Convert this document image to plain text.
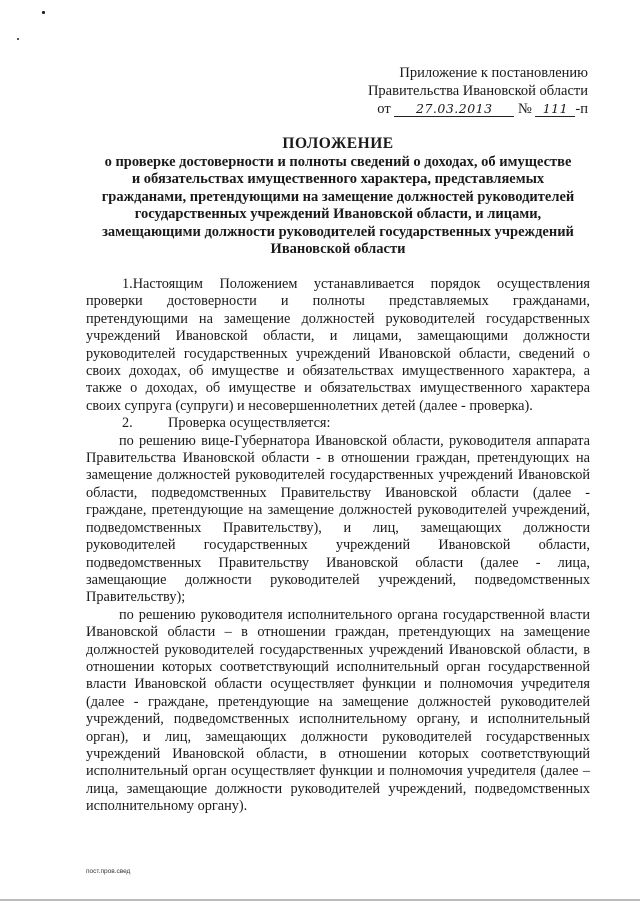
Приложение к постановлению
Правительства Ивановской области
от 27.03.2013 № 111 -п
ПОЛОЖЕНИЕ
о проверке достоверности и полноты сведений о доходах, об имуществе
и обязательствах имущественного характера, представляемых
гражданами, претендующими на замещение должностей руководителей
государственных учреждений Ивановской области, и лицами,
замещающими должности руководителей государственных учреждений
Ивановской области

1.Настоящим Положением устанавливается порядок осуществления проверки достоверности и полноты представляемых гражданами, претендующими на замещение должностей руководителей государственных учреждений Ивановской области, и лицами, замещающими должности руководителей государственных учреждений Ивановской области, сведений о своих доходах, об имуществе и обязательствах имущественного характера, а также о доходах, об имуществе и обязательствах имущественного характера своих супруга (супруги) и несовершеннолетних детей (далее - проверка).

2. Проверка осуществляется:

по решению вице-Губернатора Ивановской области, руководителя аппарата Правительства Ивановской области - в отношении граждан, претендующих на замещение должностей руководителей государственных учреждений Ивановской области, подведомственных Правительству Ивановской области (далее - граждане, претендующие на замещение должностей руководителей учреждений, подведомственных Правительству), и лиц, замещающих должности руководителей государственных учреждений Ивановской области, подведомственных Правительству Ивановской области (далее - лица, замещающие должности руководителей учреждений, подведомственных Правительству);

по решению руководителя исполнительного органа государственной власти Ивановской области – в отношении граждан, претендующих на замещение должностей руководителей государственных учреждений Ивановской области, в отношении которых соответствующий исполнительный орган государственной власти Ивановской области осуществляет функции и полномочия учредителя (далее - граждане, претендующие на замещение должностей руководителей учреждений, подведомственных исполнительному органу, и исполнительный орган), и лиц, замещающих должности руководителей государственных учреждений Ивановской области, в отношении которых соответствующий исполнительный орган осуществляет функции и полномочия учредителя (далее – лица, замещающие должности руководителей учреждений, подведомственных исполнительному органу).

пост.пров.свед
